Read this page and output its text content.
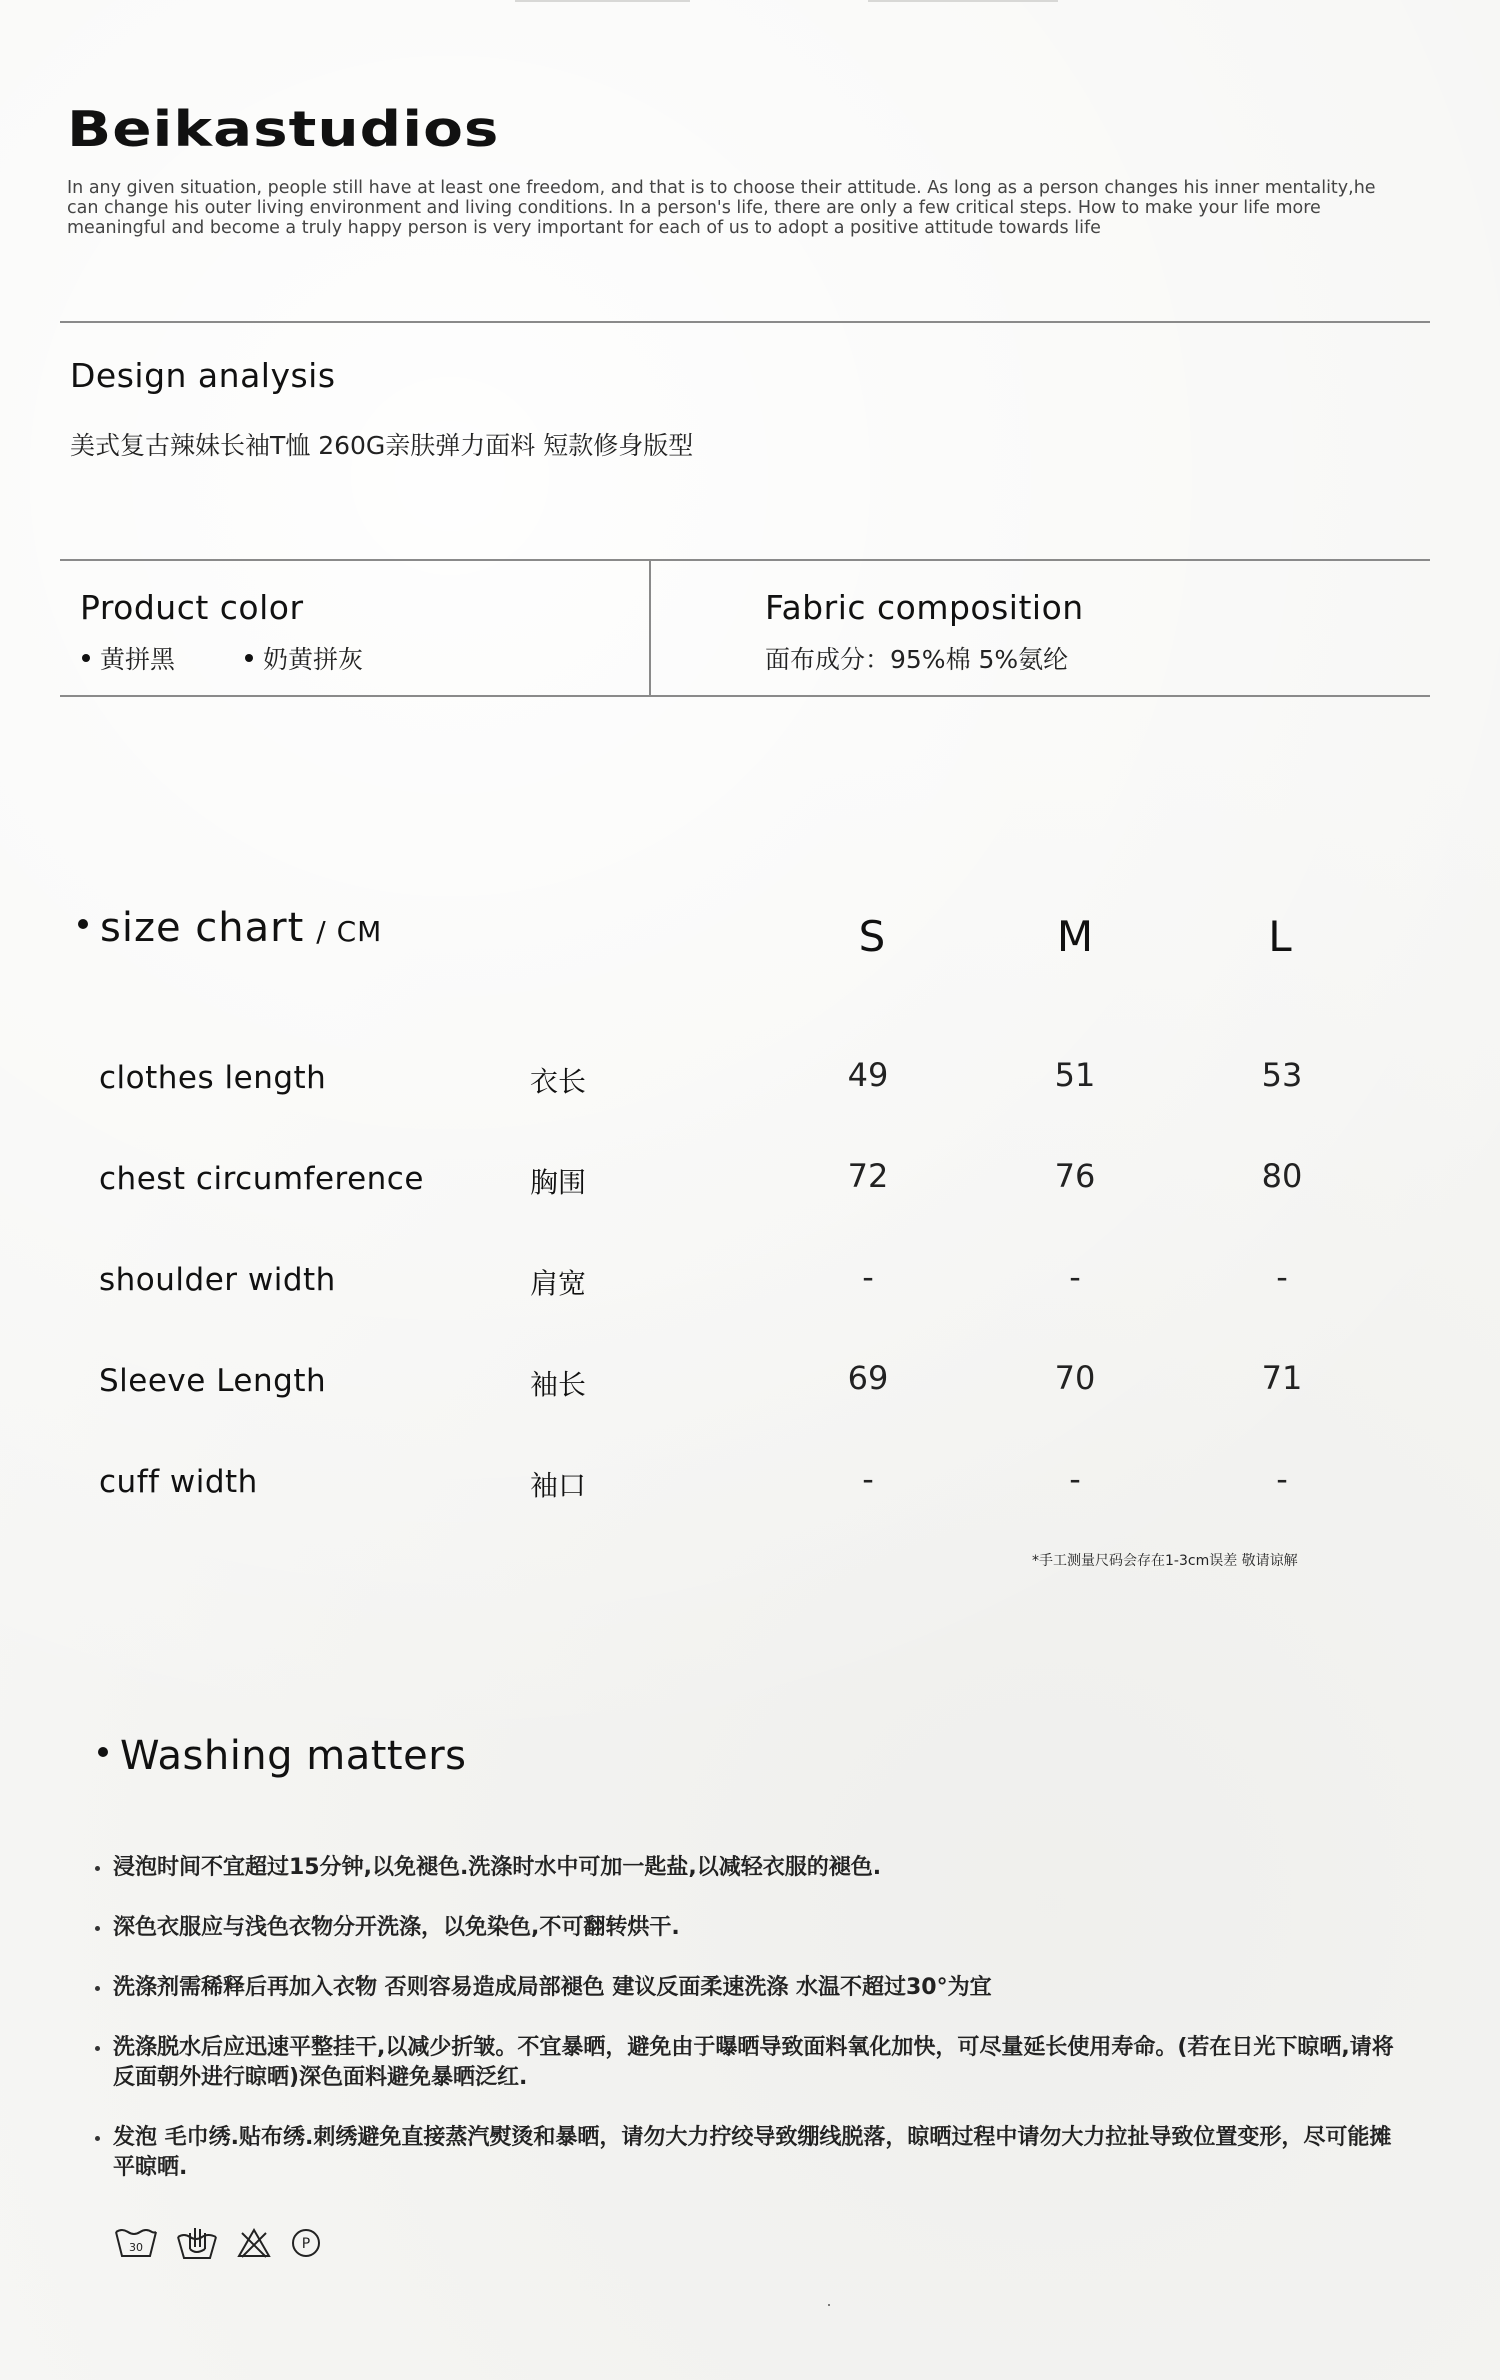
Beikastudios
In any given situation, people still have at least one freedom, and that is to choose their attitude. As long as a person changes his inner mentality,he can change his outer living environment and living conditions. In a person's life, there are only a few critical steps. How to make your life more meaningful and become a truly happy person is very important for each of us to adopt a positive attitude towards life
Design analysis
美式复古辣妹长袖T恤 260G亲肤弹力面料 短款修身版型
Product color
黄拼黑	奶黄拼灰
Fabric composition
面布成分：95%棉 5%氨纶
size chart / CM	S	M	L
clothes length	衣长	49	51	53
chest circumference	胸围	72	76	80
shoulder width	肩宽	-	-	-
Sleeve Length	袖长	69	70	71
cuff width	袖口	-	-	-
*手工测量尺码会存在1-3cm误差 敬请谅解
Washing matters
浸泡时间不宜超过15分钟,以免褪色.洗涤时水中可加一匙盐,以减轻衣服的褪色.
深色衣服应与浅色衣物分开洗涤，以免染色,不可翻转烘干.
洗涤剂需稀释后再加入衣物 否则容易造成局部褪色 建议反面柔速洗涤 水温不超过30°为宜
洗涤脱水后应迅速平整挂干,以减少折皱。不宜暴晒，避免由于曝晒导致面料氧化加快，可尽量延长使用寿命。(若在日光下晾晒,请将反面朝外进行晾晒)深色面料避免暴晒泛红.
发泡 毛巾绣.贴布绣.刺绣避免直接蒸汽熨烫和暴晒，请勿大力拧绞导致绷线脱落，晾晒过程中请勿大力拉扯导致位置变形，尽可能摊平晾晒.
30	P
